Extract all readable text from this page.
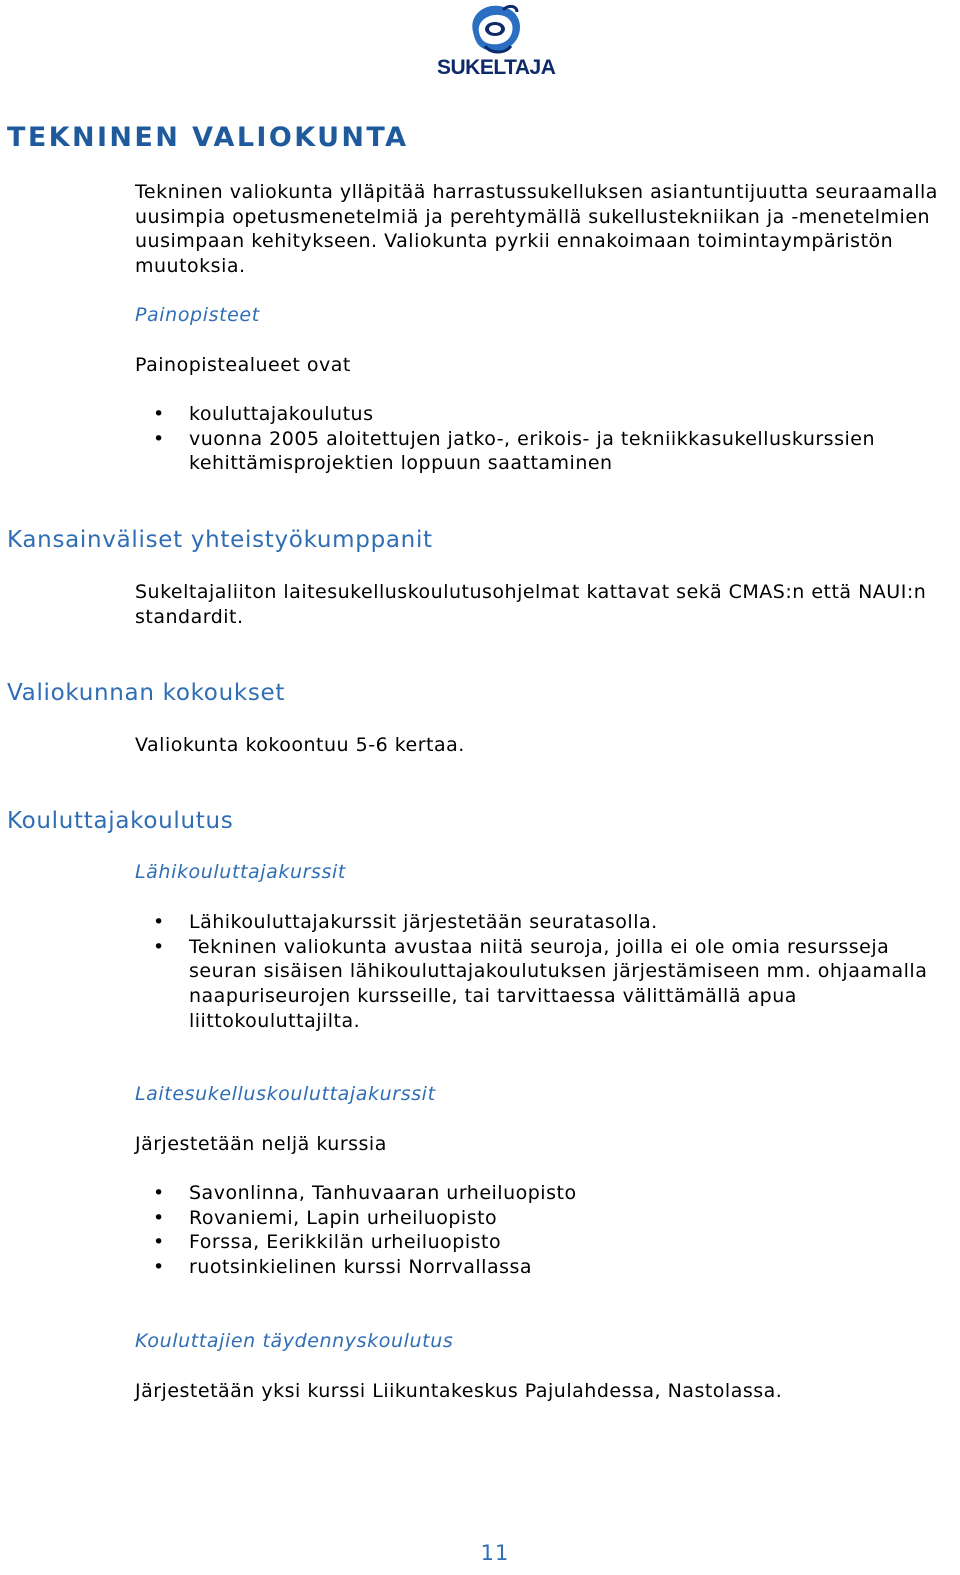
SUKELTAJA
TEKNINEN VALIOKUNTA

Tekninen valiokunta ylläpitää harrastussukelluksen asiantuntijuutta seuraamalla
uusimpia opetusmenetelmiä ja perehtymällä sukellustekniikan ja -menetelmien
uusimpaan kehitykseen. Valiokunta pyrkii ennakoimaan toimintaympäristön
muutoksia.

Painopisteet

Painopistealueet ovat

• kouluttajakoulutus
• vuonna 2005 aloitettujen jatko-, erikois- ja tekniikkasukelluskurssien
kehittämisprojektien loppuun saattaminen
Kansainväliset yhteistyökumppanit

Sukeltajaliiton laitesukelluskoulutusohjelmat kattavat sekä CMAS:n että NAUI:n
standardit.

Valiokunnan kokoukset

Valiokunta kokoontuu 5-6 kertaa.

Kouluttajakoulutus
Lähikouluttajakurssit
• Lähikouluttajakurssit järjestetään seuratasolla.
• Tekninen valiokunta avustaa niitä seuroja, joilla ei ole omia resursseja
seuran sisäisen lähikouluttajakoulutuksen järjestämiseen mm. ohjaamalla
naapuriseurojen kursseille, tai tarvittaessa välittämällä apua
liittokouluttajilta.
Laitesukelluskouluttajakurssit

Järjestetään neljä kurssia

• Savonlinna, Tanhuvaaran urheiluopisto
• Rovaniemi, Lapin urheiluopisto
• Forssa, Eerikkilän urheiluopisto
• ruotsinkielinen kurssi Norrvallassa
Kouluttajien täydennyskoulutus

Järjestetään yksi kurssi Liikuntakeskus Pajulahdessa, Nastolassa.

11
